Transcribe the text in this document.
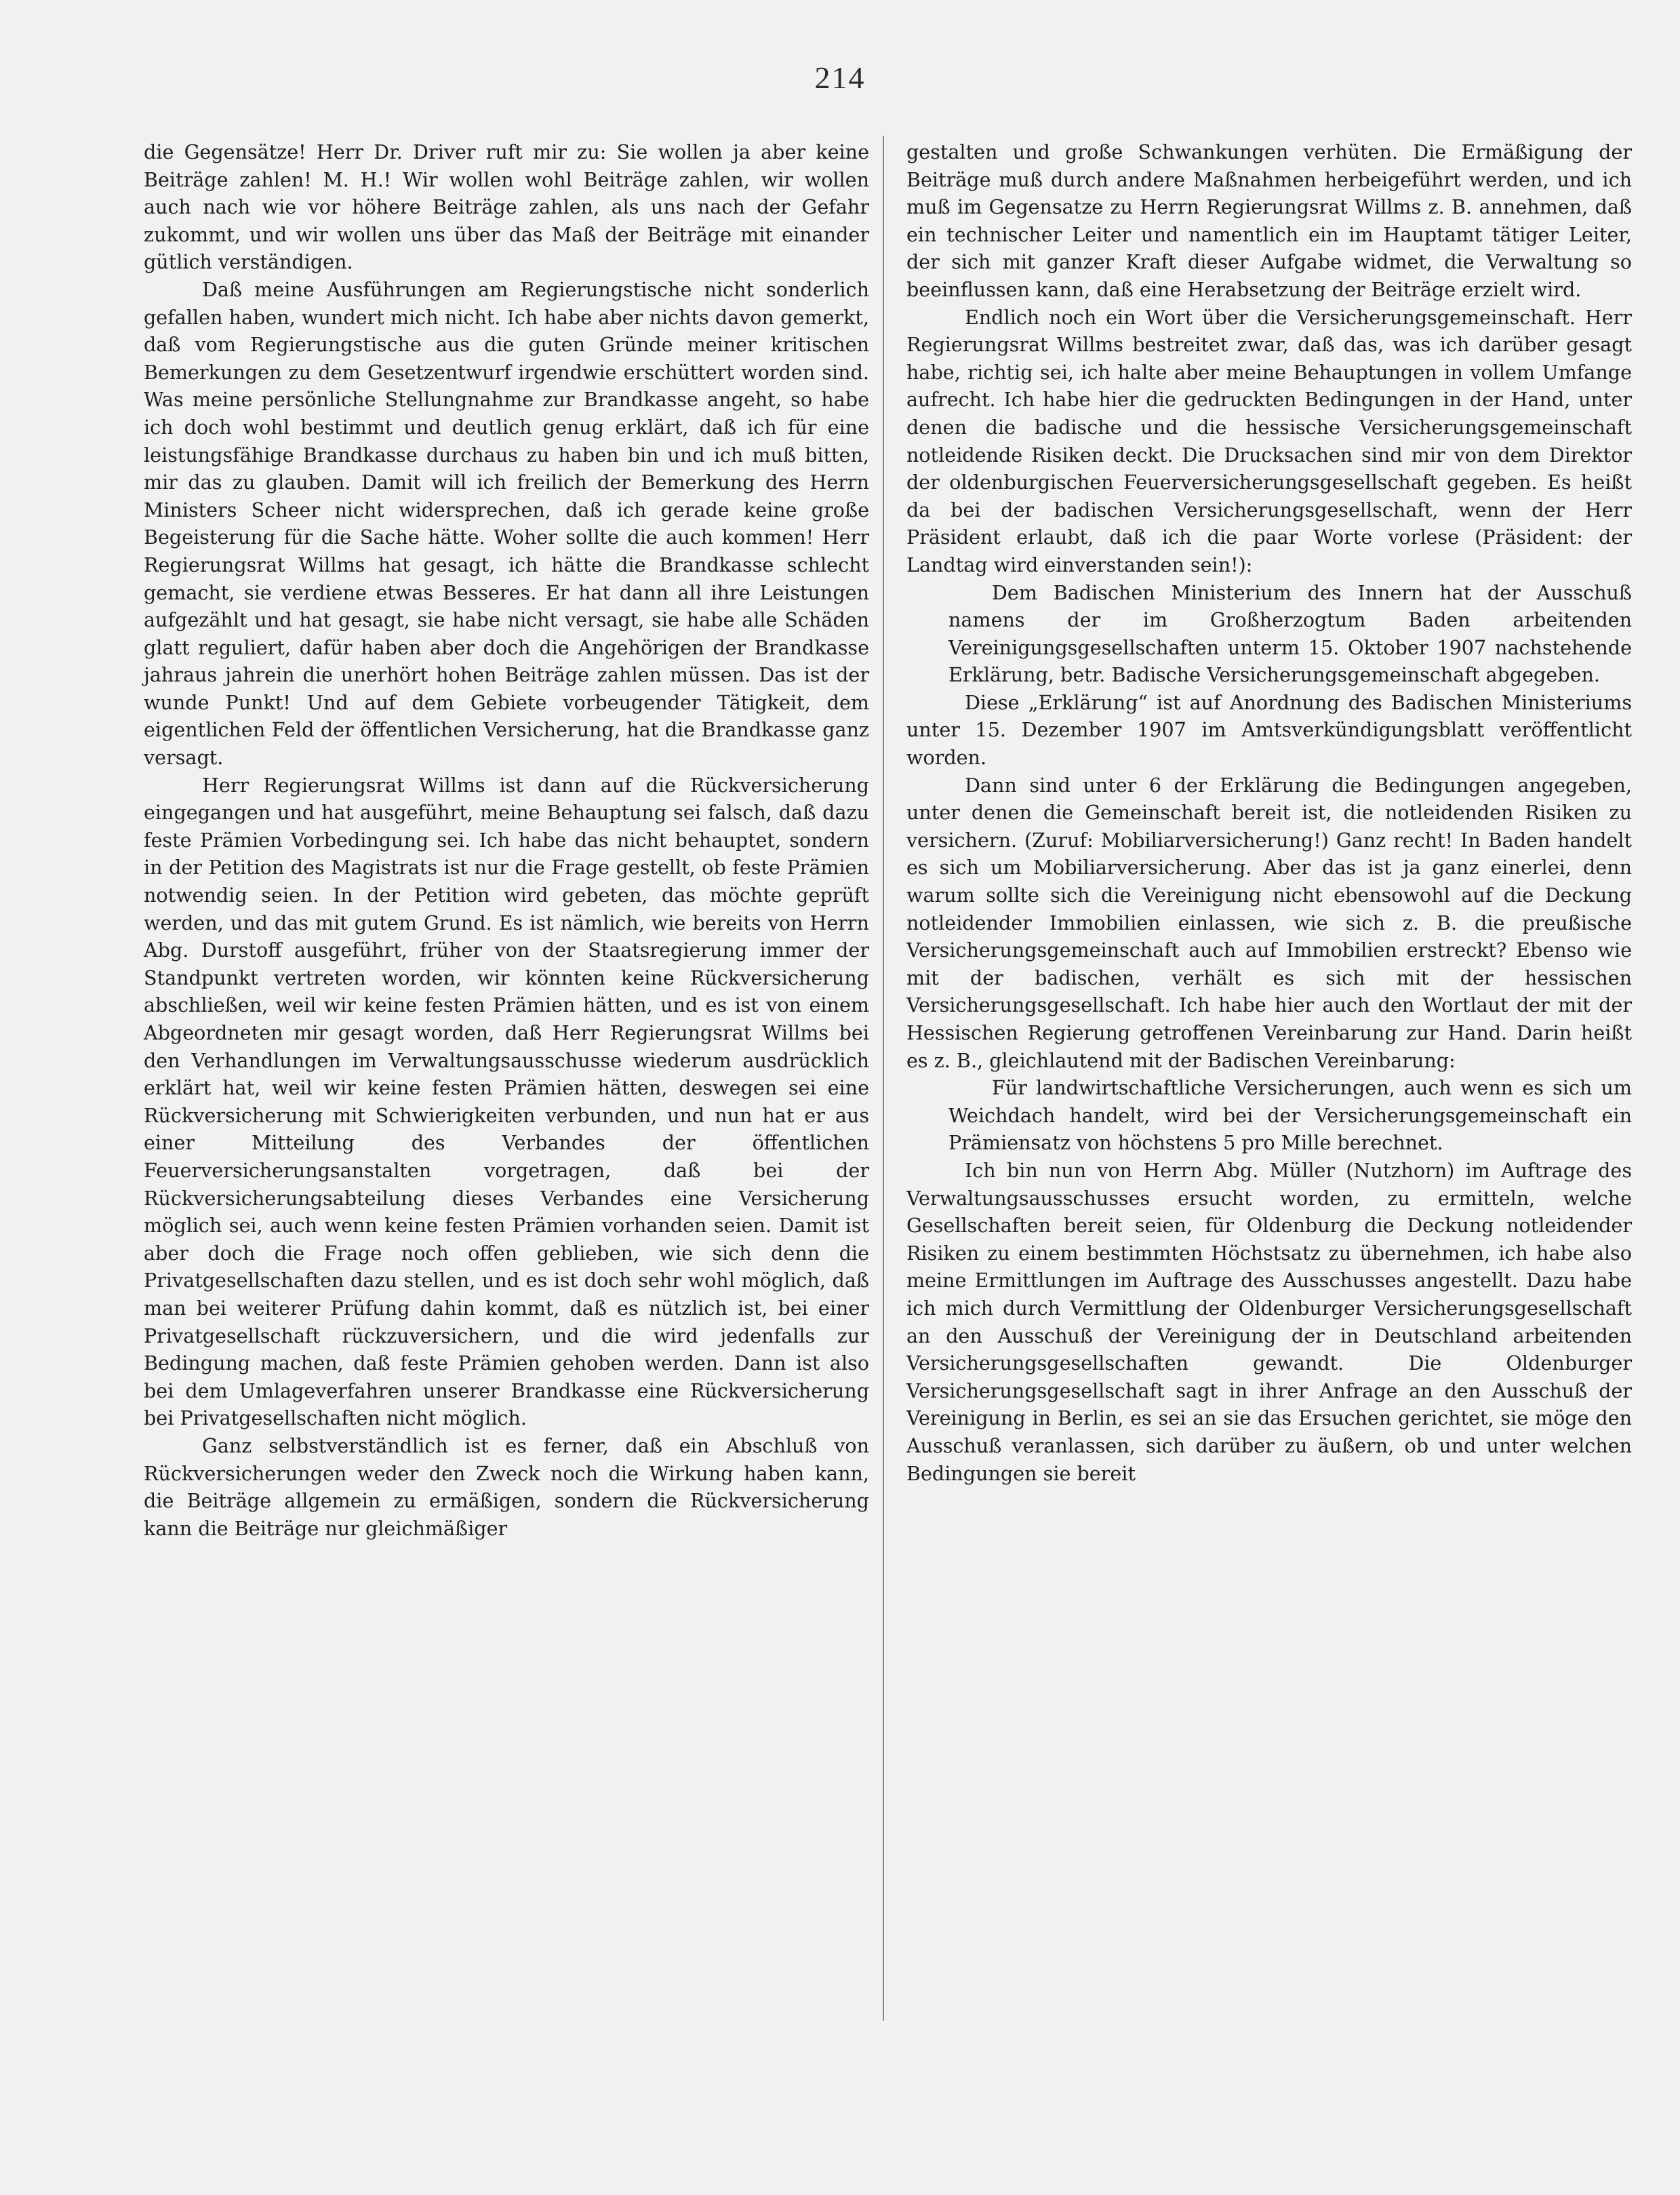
214

die Gegensätze! Herr Dr. Driver ruft mir zu: Sie wollen ja aber keine Beiträge zahlen! M. H.! Wir wollen wohl Beiträge zahlen, wir wollen auch nach wie vor höhere Beiträge zahlen, als uns nach der Gefahr zukommt, und wir wollen uns über das Maß der Beiträge mit einander gütlich verständigen.

Daß meine Ausführungen am Regierungstische nicht sonderlich gefallen haben, wundert mich nicht. Ich habe aber nichts davon gemerkt, daß vom Regierungstische aus die guten Gründe meiner kritischen Bemerkungen zu dem Gesetzentwurf irgendwie erschüttert worden sind. Was meine persönliche Stellungnahme zur Brandkasse angeht, so habe ich doch wohl bestimmt und deutlich genug erklärt, daß ich für eine leistungsfähige Brandkasse durchaus zu haben bin und ich muß bitten, mir das zu glauben. Damit will ich freilich der Bemerkung des Herrn Ministers Scheer nicht widersprechen, daß ich gerade keine große Begeisterung für die Sache hätte. Woher sollte die auch kommen! Herr Regierungsrat Willms hat gesagt, ich hätte die Brandkasse schlecht gemacht, sie verdiene etwas Besseres. Er hat dann all ihre Leistungen aufgezählt und hat gesagt, sie habe nicht versagt, sie habe alle Schäden glatt reguliert, dafür haben aber doch die Angehörigen der Brandkasse jahraus jahrein die unerhört hohen Beiträge zahlen müssen. Das ist der wunde Punkt! Und auf dem Gebiete vorbeugender Tätigkeit, dem eigentlichen Feld der öffentlichen Versicherung, hat die Brandkasse ganz versagt.

Herr Regierungsrat Willms ist dann auf die Rückversicherung eingegangen und hat ausgeführt, meine Behauptung sei falsch, daß dazu feste Prämien Vorbedingung sei. Ich habe das nicht behauptet, sondern in der Petition des Magistrats ist nur die Frage gestellt, ob feste Prämien notwendig seien. In der Petition wird gebeten, das möchte geprüft werden, und das mit gutem Grund. Es ist nämlich, wie bereits von Herrn Abg. Durstoff ausgeführt, früher von der Staatsregierung immer der Standpunkt vertreten worden, wir könnten keine Rückversicherung abschließen, weil wir keine festen Prämien hätten, und es ist von einem Abgeordneten mir gesagt worden, daß Herr Regierungsrat Willms bei den Verhandlungen im Verwaltungsausschusse wiederum ausdrücklich erklärt hat, weil wir keine festen Prämien hätten, deswegen sei eine Rückversicherung mit Schwierigkeiten verbunden, und nun hat er aus einer Mitteilung des Verbandes der öffentlichen Feuerversicherungsanstalten vorgetragen, daß bei der Rückversicherungsabteilung dieses Verbandes eine Versicherung möglich sei, auch wenn keine festen Prämien vorhanden seien. Damit ist aber doch die Frage noch offen geblieben, wie sich denn die Privatgesellschaften dazu stellen, und es ist doch sehr wohl möglich, daß man bei weiterer Prüfung dahin kommt, daß es nützlich ist, bei einer Privatgesellschaft rückzuversichern, und die wird jedenfalls zur Bedingung machen, daß feste Prämien gehoben werden. Dann ist also bei dem Umlageverfahren unserer Brandkasse eine Rückversicherung bei Privatgesellschaften nicht möglich.

Ganz selbstverständlich ist es ferner, daß ein Abschluß von Rückversicherungen weder den Zweck noch die Wirkung haben kann, die Beiträge allgemein zu ermäßigen, sondern die Rückversicherung kann die Beiträge nur gleichmäßiger

gestalten und große Schwankungen verhüten. Die Ermäßigung der Beiträge muß durch andere Maßnahmen herbeigeführt werden, und ich muß im Gegensatze zu Herrn Regierungsrat Willms z. B. annehmen, daß ein technischer Leiter und namentlich ein im Hauptamt tätiger Leiter, der sich mit ganzer Kraft dieser Aufgabe widmet, die Verwaltung so beeinflussen kann, daß eine Herabsetzung der Beiträge erzielt wird.

Endlich noch ein Wort über die Versicherungsgemeinschaft. Herr Regierungsrat Willms bestreitet zwar, daß das, was ich darüber gesagt habe, richtig sei, ich halte aber meine Behauptungen in vollem Umfange aufrecht. Ich habe hier die gedruckten Bedingungen in der Hand, unter denen die badische und die hessische Versicherungsgemeinschaft notleidende Risiken deckt. Die Drucksachen sind mir von dem Direktor der oldenburgischen Feuerversicherungsgesellschaft gegeben. Es heißt da bei der badischen Versicherungsgesellschaft, wenn der Herr Präsident erlaubt, daß ich die paar Worte vorlese (Präsident: der Landtag wird einverstanden sein!):

Dem Badischen Ministerium des Innern hat der Ausschuß namens der im Großherzogtum Baden arbeitenden Vereinigungsgesellschaften unterm 15. Oktober 1907 nachstehende Erklärung, betr. Badische Versicherungsgemeinschaft abgegeben.

Diese „Erklärung“ ist auf Anordnung des Badischen Ministeriums unter 15. Dezember 1907 im Amtsverkündigungsblatt veröffentlicht worden.

Dann sind unter 6 der Erklärung die Bedingungen angegeben, unter denen die Gemeinschaft bereit ist, die notleidenden Risiken zu versichern. (Zuruf: Mobiliarversicherung!) Ganz recht! In Baden handelt es sich um Mobiliarversicherung. Aber das ist ja ganz einerlei, denn warum sollte sich die Vereinigung nicht ebensowohl auf die Deckung notleidender Immobilien einlassen, wie sich z. B. die preußische Versicherungsgemeinschaft auch auf Immobilien erstreckt? Ebenso wie mit der badischen, verhält es sich mit der hessischen Versicherungsgesellschaft. Ich habe hier auch den Wortlaut der mit der Hessischen Regierung getroffenen Vereinbarung zur Hand. Darin heißt es z. B., gleichlautend mit der Badischen Vereinbarung:

Für landwirtschaftliche Versicherungen, auch wenn es sich um Weichdach handelt, wird bei der Versicherungsgemeinschaft ein Prämiensatz von höchstens 5 pro Mille berechnet.

Ich bin nun von Herrn Abg. Müller (Nutzhorn) im Auftrage des Verwaltungsausschusses ersucht worden, zu ermitteln, welche Gesellschaften bereit seien, für Oldenburg die Deckung notleidender Risiken zu einem bestimmten Höchstsatz zu übernehmen, ich habe also meine Ermittlungen im Auftrage des Ausschusses angestellt. Dazu habe ich mich durch Vermittlung der Oldenburger Versicherungsgesellschaft an den Ausschuß der Vereinigung der in Deutschland arbeitenden Versicherungsgesellschaften gewandt. Die Oldenburger Versicherungsgesellschaft sagt in ihrer Anfrage an den Ausschuß der Vereinigung in Berlin, es sei an sie das Ersuchen gerichtet, sie möge den Ausschuß veranlassen, sich darüber zu äußern, ob und unter welchen Bedingungen sie bereit
